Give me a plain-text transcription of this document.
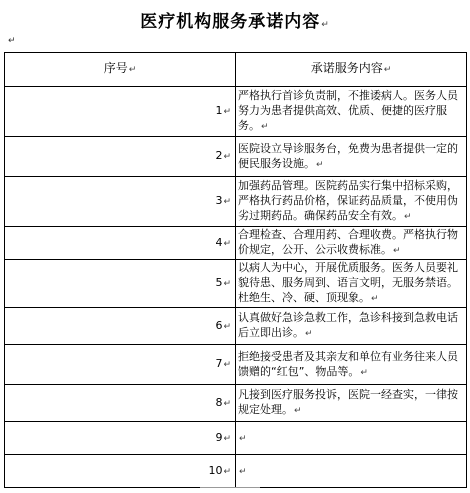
医疗机构服务承诺内容↵
↵
序号↵	承诺服务内容↵
1↵	严格执行首诊负责制，不推诿病人。医务人员努力为患者提供高效、优质、便捷的医疗服务。↵
2↵	医院设立导诊服务台，免费为患者提供一定的便民服务设施。↵
3↵	加强药品管理。医院药品实行集中招标采购，严格执行药品价格，保证药品质量，不使用伪劣过期药品。确保药品安全有效。↵
4↵	合理检查、合理用药、合理收费。严格执行物价规定，公开、公示收费标准。↵
5↵	以病人为中心，开展优质服务。医务人员要礼貌待患、服务周到、语言文明，无服务禁语。杜绝生、冷、硬、顶现象。↵
6↵	认真做好急诊急救工作，急诊科接到急救电话后立即出诊。↵
7↵	拒绝接受患者及其亲友和单位有业务往来人员馈赠的“红包”、物品等。↵
8↵	凡接到医疗服务投诉，医院一经查实，一律按规定处理。↵
9↵	↵
10↵	↵
